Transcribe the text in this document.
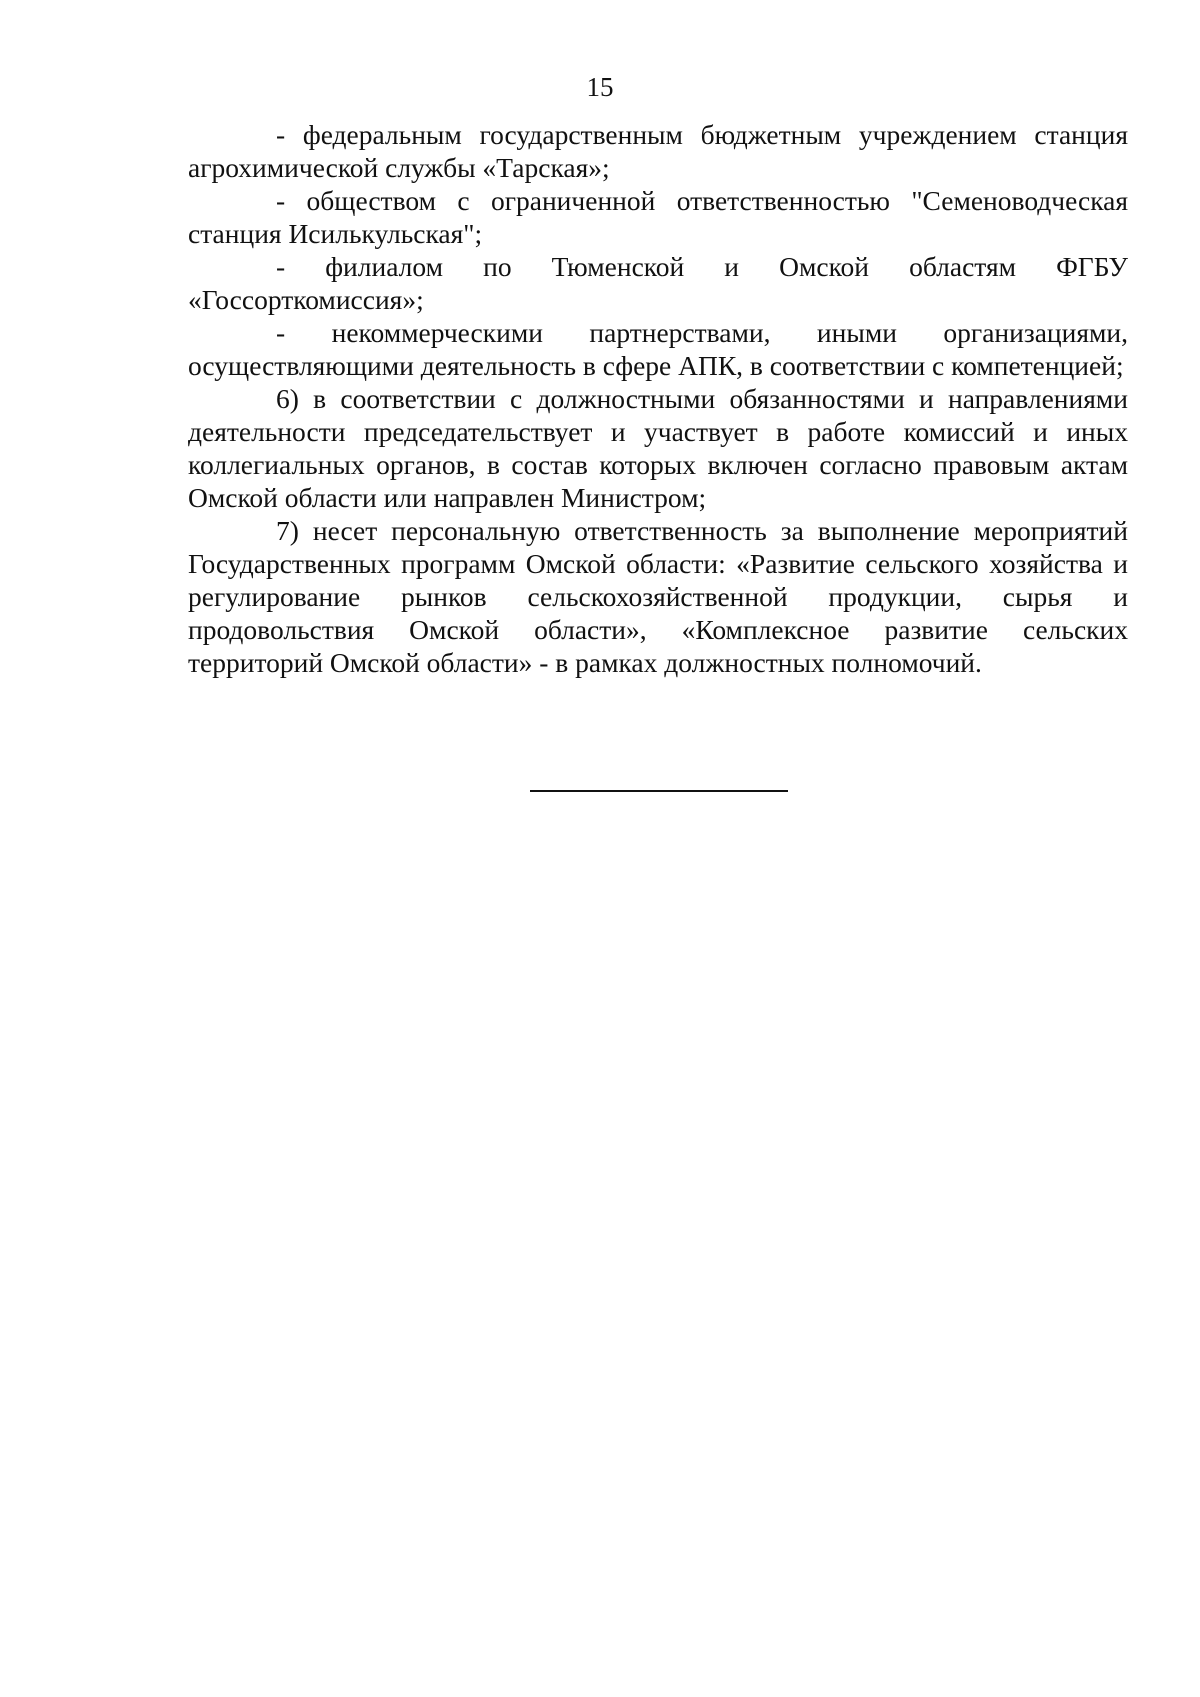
15

- федеральным государственным бюджетным учреждением станция агрохимической службы «Тарская»;

- обществом с ограниченной ответственностью "Семеноводческая станция Исилькульская";

- филиалом по Тюменской и Омской областям ФГБУ «Госсорткомиссия»;

- некоммерческими партнерствами, иными организациями, осуществляющими деятельность в сфере АПК, в соответствии с компетенцией;

6) в соответствии с должностными обязанностями и направлениями деятельности председательствует и участвует в работе комиссий и иных коллегиальных органов, в состав которых включен согласно правовым актам Омской области или направлен Министром;

7) несет персональную ответственность за выполнение мероприятий Государственных программ Омской области: «Развитие сельского хозяйства и регулирование рынков сельскохозяйственной продукции, сырья и продовольствия Омской области», «Комплексное развитие сельских территорий Омской области» - в рамках должностных полномочий.
